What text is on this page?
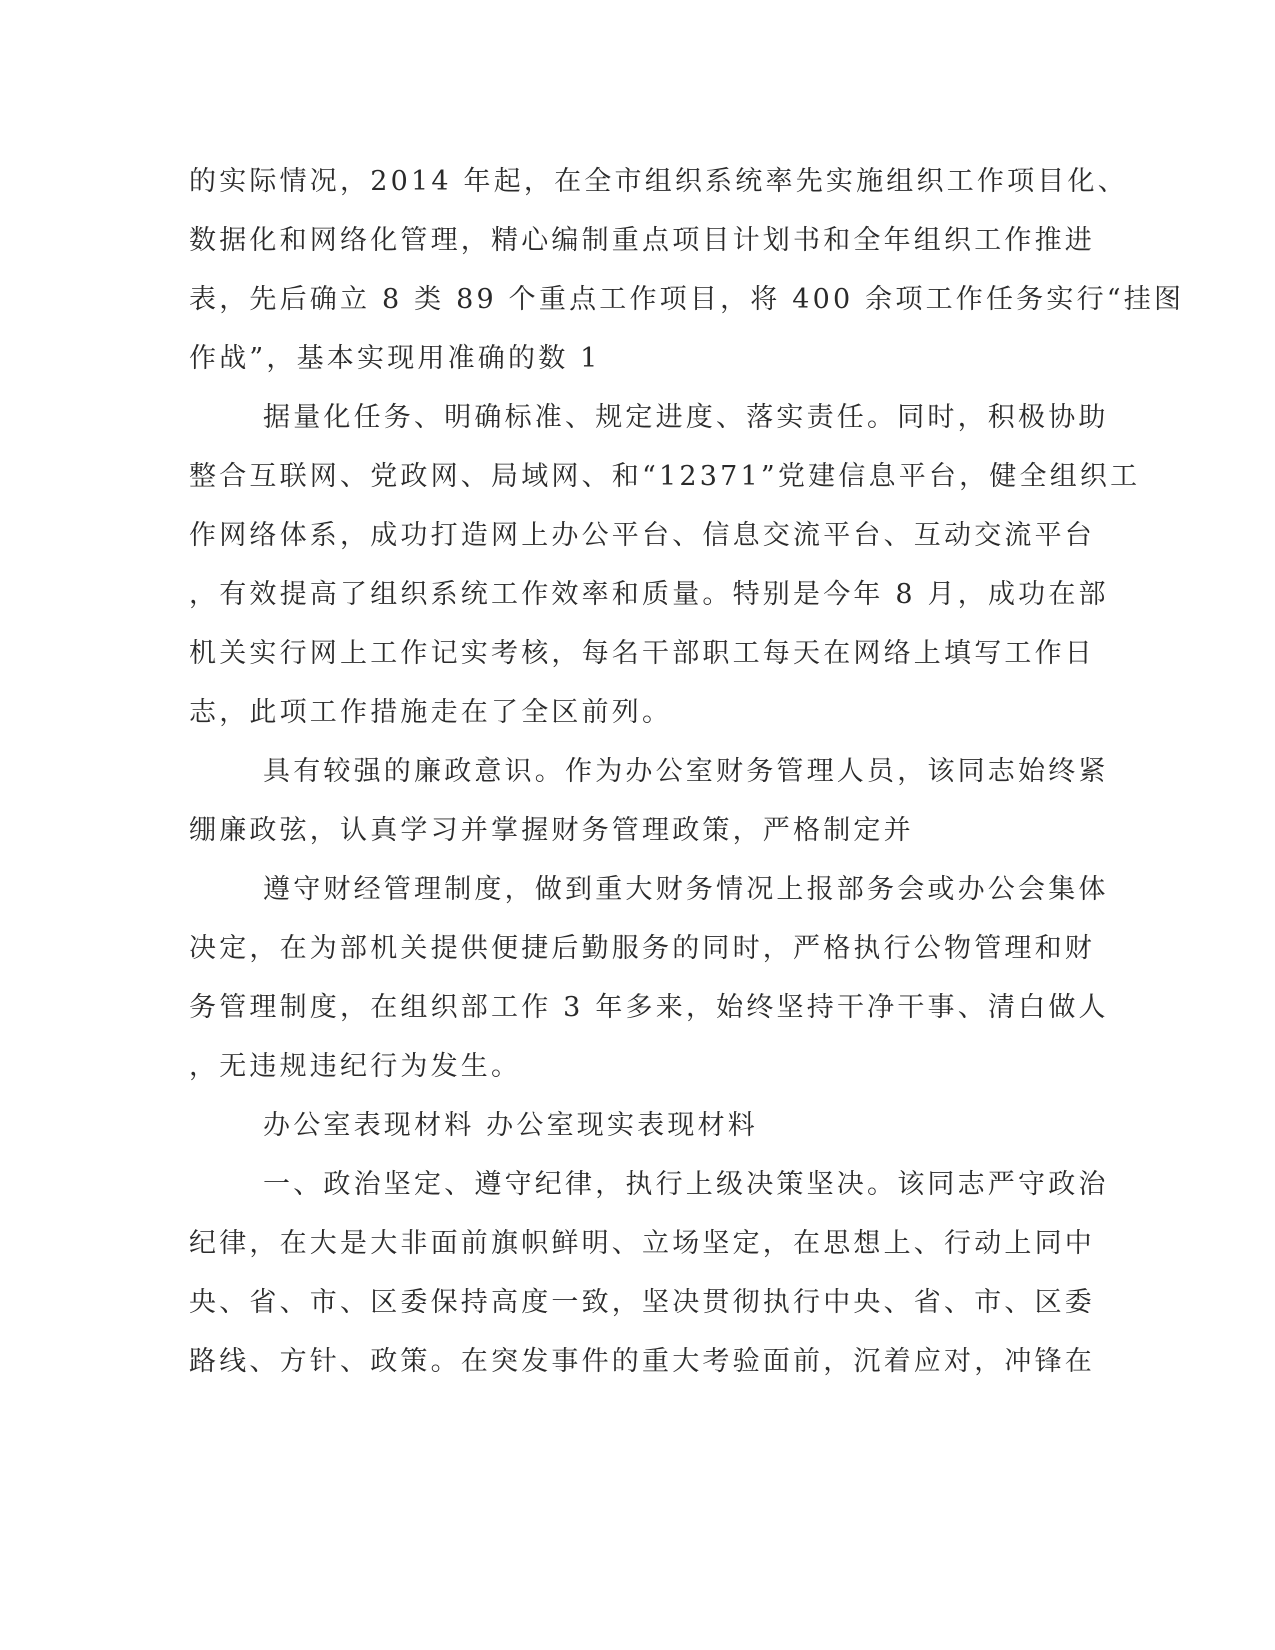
的实际情况，2014 年起，在全市组织系统率先实施组织工作项目化、

数据化和网络化管理，精心编制重点项目计划书和全年组织工作推进

表，先后确立 8 类 89 个重点工作项目，将 400 余项工作任务实行“挂图

作战”，基本实现用准确的数 1

据量化任务、明确标准、规定进度、落实责任。同时，积极协助

整合互联网、党政网、局域网、和“12371”党建信息平台，健全组织工

作网络体系，成功打造网上办公平台、信息交流平台、互动交流平台

，有效提高了组织系统工作效率和质量。特别是今年 8 月，成功在部

机关实行网上工作记实考核，每名干部职工每天在网络上填写工作日

志，此项工作措施走在了全区前列。

具有较强的廉政意识。作为办公室财务管理人员，该同志始终紧

绷廉政弦，认真学习并掌握财务管理政策，严格制定并

遵守财经管理制度，做到重大财务情况上报部务会或办公会集体

决定，在为部机关提供便捷后勤服务的同时，严格执行公物管理和财

务管理制度，在组织部工作 3 年多来，始终坚持干净干事、清白做人

，无违规违纪行为发生。

办公室表现材料 办公室现实表现材料

一、政治坚定、遵守纪律，执行上级决策坚决。该同志严守政治

纪律，在大是大非面前旗帜鲜明、立场坚定，在思想上、行动上同中

央、省、市、区委保持高度一致，坚决贯彻执行中央、省、市、区委

路线、方针、政策。在突发事件的重大考验面前，沉着应对，冲锋在
